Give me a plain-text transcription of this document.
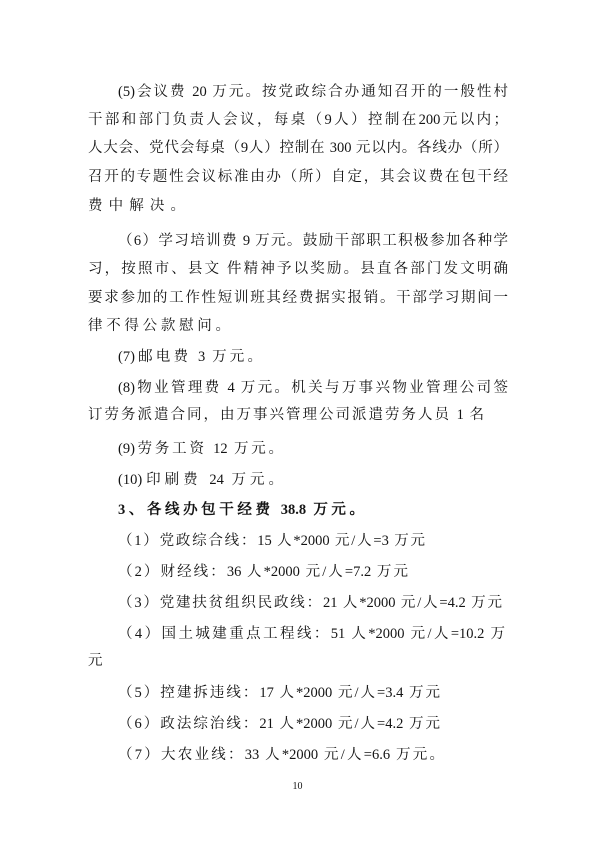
(5)会议费 20 万元。按党政综合办通知召开的一般性村
干部和部门负责人会议，每桌（9人）控制在200元以内；
人大会、党代会每桌（9人）控制在 300 元以内。各线办（所）
召开的专题性会议标准由办（所）自定，其会议费在包干经
费中解决。
（6）学习培训费 9 万元。鼓励干部职工积极参加各种学
习，按照市、县文 件精神予以奖励。县直各部门发文明确
要求参加的工作性短训班其经费据实报销。干部学习期间一
律不得公款慰问。
(7)邮电费 3 万元。
(8)物业管理费 4 万元。机关与万事兴物业管理公司签
订劳务派遣合同，由万事兴管理公司派遣劳务人员 1 名
(9)劳务工资 12 万元。
(10)印刷费 24 万元。
3、各线办包干经费 38.8 万元。
（1）党政综合线：15 人*2000 元/人=3 万元
（2）财经线：36 人*2000 元/人=7.2 万元
（3）党建扶贫组织民政线：21 人*2000 元/人=4.2 万元
（4）国土城建重点工程线：51 人*2000 元/人=10.2 万
元
（5）控建拆违线：17 人*2000 元/人=3.4 万元
（6）政法综治线：21 人*2000 元/人=4.2 万元
（7）大农业线：33 人*2000 元/人=6.6 万元。
10
